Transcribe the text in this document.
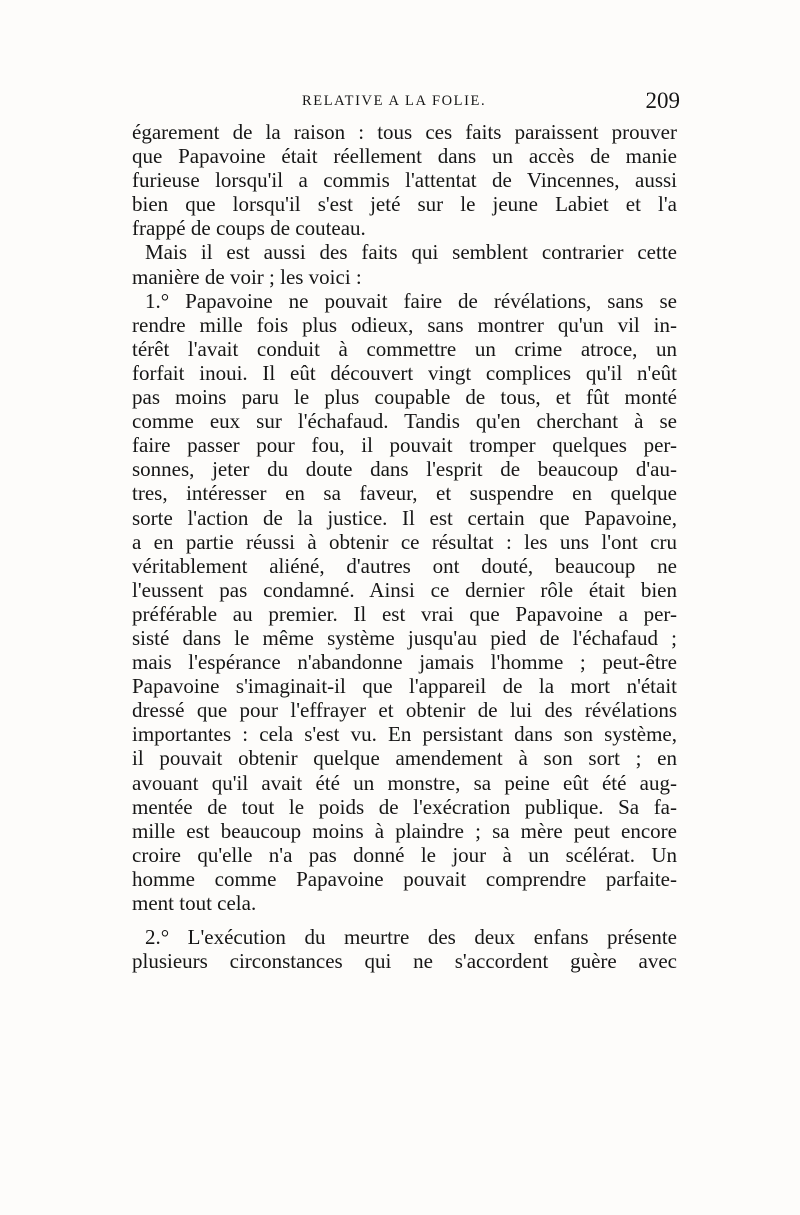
RELATIVE A LA FOLIE.	209
égarement de la raison : tous ces faits paraissent prouver
que Papavoine était réellement dans un accès de manie
furieuse lorsqu'il a commis l'attentat de Vincennes, aussi
bien que lorsqu'il s'est jeté sur le jeune Labiet et l'a
frappé de coups de couteau.
Mais il est aussi des faits qui semblent contrarier cette
manière de voir ; les voici :
1.° Papavoine ne pouvait faire de révélations, sans se
rendre mille fois plus odieux, sans montrer qu'un vil in-
térêt l'avait conduit à commettre un crime atroce, un
forfait inoui. Il eût découvert vingt complices qu'il n'eût
pas moins paru le plus coupable de tous, et fût monté
comme eux sur l'échafaud. Tandis qu'en cherchant à se
faire passer pour fou, il pouvait tromper quelques per-
sonnes, jeter du doute dans l'esprit de beaucoup d'au-
tres, intéresser en sa faveur, et suspendre en quelque
sorte l'action de la justice. Il est certain que Papavoine,
a en partie réussi à obtenir ce résultat : les uns l'ont cru
véritablement aliéné, d'autres ont douté, beaucoup ne
l'eussent pas condamné. Ainsi ce dernier rôle était bien
préférable au premier. Il est vrai que Papavoine a per-
sisté dans le même système jusqu'au pied de l'échafaud ;
mais l'espérance n'abandonne jamais l'homme ; peut-être
Papavoine s'imaginait-il que l'appareil de la mort n'était
dressé que pour l'effrayer et obtenir de lui des révélations
importantes : cela s'est vu. En persistant dans son système,
il pouvait obtenir quelque amendement à son sort ; en
avouant qu'il avait été un monstre, sa peine eût été aug-
mentée de tout le poids de l'exécration publique. Sa fa-
mille est beaucoup moins à plaindre ; sa mère peut encore
croire qu'elle n'a pas donné le jour à un scélérat. Un
homme comme Papavoine pouvait comprendre parfaite-
ment tout cela.
2.° L'exécution du meurtre des deux enfans présente
plusieurs circonstances qui ne s'accordent guère avec
